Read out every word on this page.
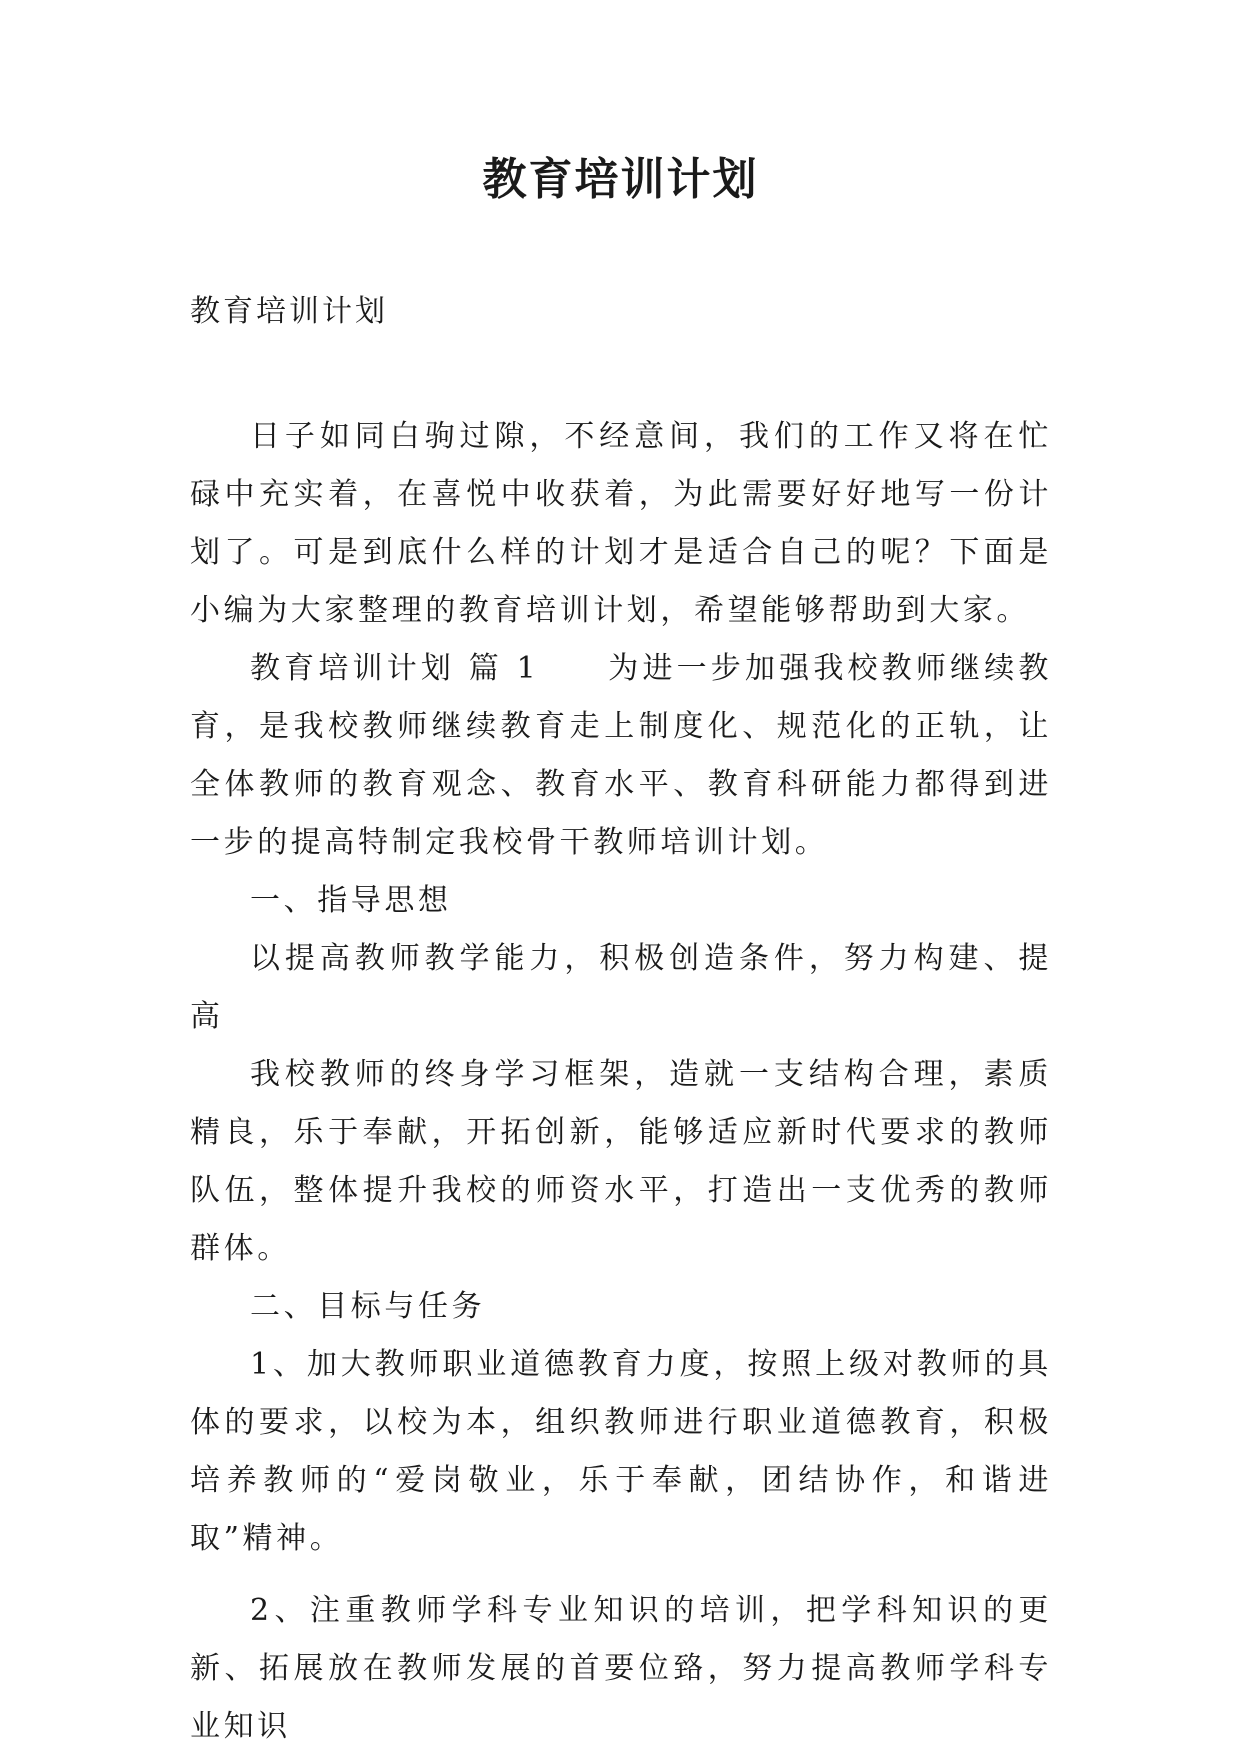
教育培训计划
教育培训计划

日子如同白驹过隙，不经意间，我们的工作又将在忙碌中充实着，在喜悦中收获着，为此需要好好地写一份计划了。可是到底什么样的计划才是适合自己的呢？下面是小编为大家整理的教育培训计划，希望能够帮助到大家。

教育培训计划 篇 1　　为进一步加强我校教师继续教育，是我校教师继续教育走上制度化、规范化的正轨，让全体教师的教育观念、教育水平、教育科研能力都得到进一步的提高特制定我校骨干教师培训计划。

一、指导思想

以提高教师教学能力，积极创造条件，努力构建、提高

我校教师的终身学习框架，造就一支结构合理，素质精良，乐于奉献，开拓创新，能够适应新时代要求的教师队伍，整体提升我校的师资水平，打造出一支优秀的教师群体。

二、目标与任务

1、加大教师职业道德教育力度，按照上级对教师的具体的要求，以校为本，组织教师进行职业道德教育，积极培养教师的“爱岗敬业，乐于奉献，团结协作，和谐进取”精神。

2、注重教师学科专业知识的培训，把学科知识的更新、拓展放在教师发展的首要位臵，努力提高教师学科专业知识
